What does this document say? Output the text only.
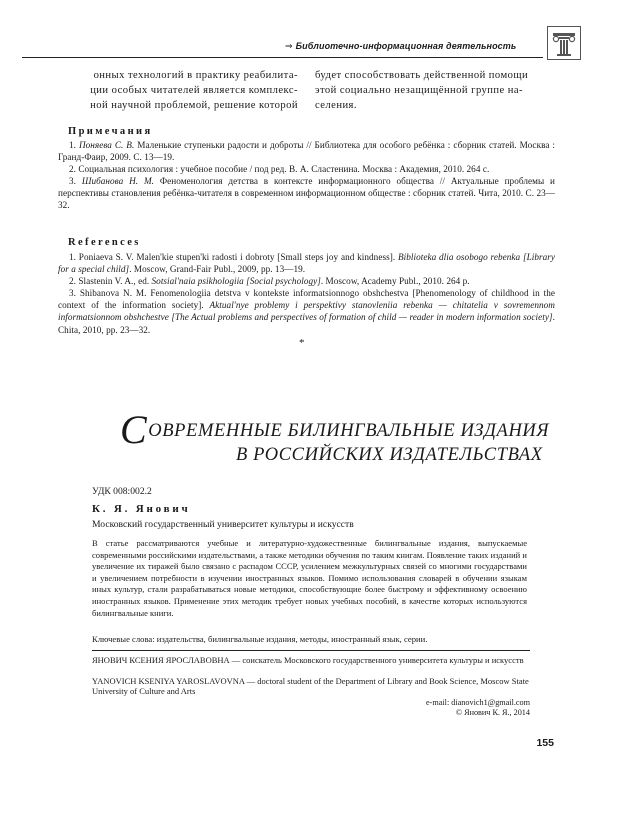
⇒ Библиотечно-информационная деятельность
онных технологий в практику реабилита-
ции особых читателей является комплекс-
ной научной проблемой, решение которой
будет способствовать действенной помощи
этой социально незащищённой группе на-
селения.
Примечания

1. Поняева С. В. Маленькие ступеньки радости и доброты // Библиотека для особого ребёнка : сборник статей. Москва : Гранд-Фаир, 2009. С. 13—19.

2. Социальная психология : учебное пособие / под ред. В. А. Сластенина. Москва : Академия, 2010. 264 с.

3. Шибанова Н. М. Феноменология детства в контексте информационного общества // Актуальные проблемы и перспективы становления ребёнка-читателя в современном информационном обществе : сборник статей. Чита, 2010. С. 23—32.

References

1. Poniaeva S. V. Malen'kie stupen'ki radosti i dobroty [Small steps joy and kindness]. Biblioteka dlia osobogo rebenka [Library for a special child]. Moscow, Grand-Fair Publ., 2009, pp. 13—19.

2. Slastenin V. A., ed. Sotsial'naia psikhologiia [Social psychology]. Moscow, Academy Publ., 2010. 264 p.

3. Shibanova N. M. Fenomenologiia detstva v kontekste informatsionnogo obshchestva [Phenomenology of childhood in the context of the information society]. Aktual'nye problemy i perspektivy stanovleniia rebenka — chitatelia v sovremennom informatsionnom obshchestve [The Actual problems and perspectives of formation of child — reader in modern information society]. Chita, 2010, pp. 23—32.

*
СОВРЕМЕННЫЕ БИЛИНГВАЛЬНЫЕ ИЗДАНИЯ
В РОССИЙСКИХ ИЗДАТЕЛЬСТВАХ
УДК 008:002.2
К. Я. Янович
Московский государственный университет культуры и искусств
В статье рассматриваются учебные и литературно-художественные билингвальные издания, выпускаемые современными российскими издательствами, а также методики обучения по таким книгам. Появление таких изданий и увеличение их тиражей было связано с распадом СССР, усилением межкультурных связей со многими государствами и увеличением потребности в изучении иностранных языков. Помимо использования словарей в обучении языкам иных культур, стали разрабатываться новые методики, способствующие более быстрому и эффективному освоению иностранных языков. Применение этих методик требует новых учебных пособий, в качестве которых используются билингвальные книги.
Ключевые слова: издательства, билингвальные издания, методы, иностранный язык, серии.
ЯНОВИЧ КСЕНИЯ ЯРОСЛАВОВНА — соискатель Московского государственного университета культуры и искусств
YANOVICH KSENIYA YAROSLAVOVNA — doctoral student of the Department of Library and Book Science, Moscow State University of Culture and Arts
e-mail: dianovich1@gmail.com
© Янович К. Я., 2014
155
